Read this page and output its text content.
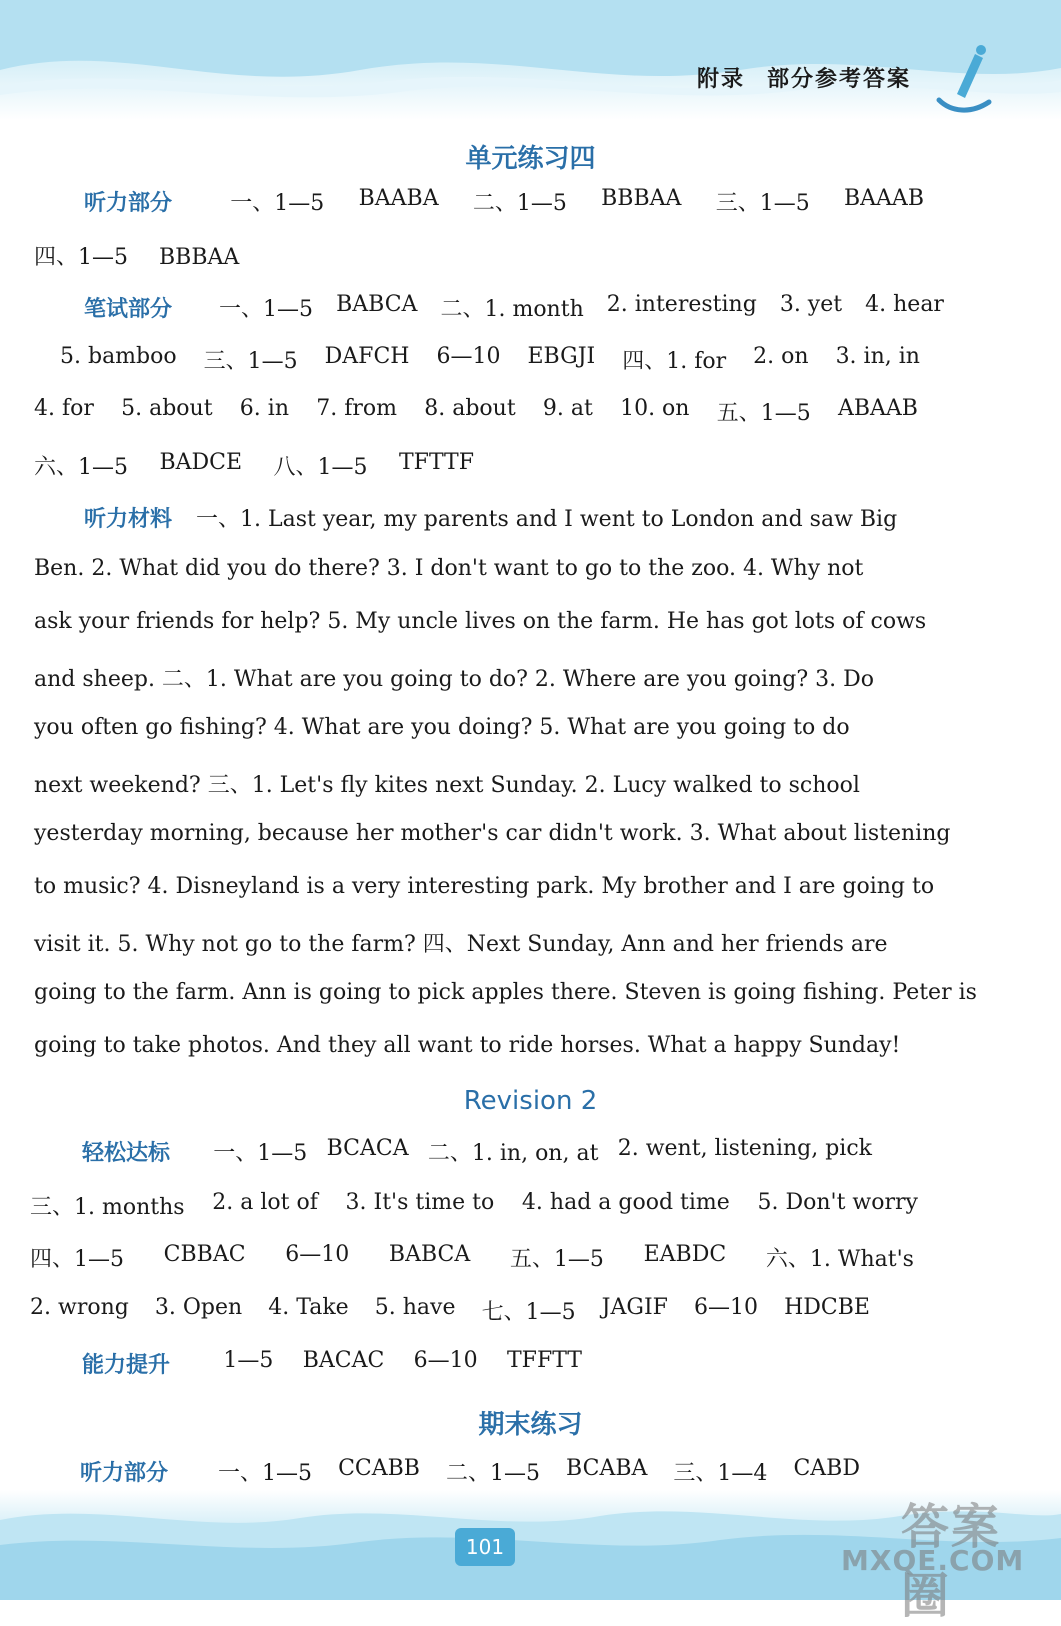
附录 部分参考答案
单元练习四
听力部分	一、1—5 BAABA 二、1—5 BBBAA 三、1—5 BAAAB
四、1—5 BBBAA
笔试部分 一、1—5 BABCA 二、1. month 2. interesting 3. yet 4. hear
5. bamboo 三、1—5 DAFCH 6—10 EBGJI 四、1. for 2. on 3. in, in
4. for 5. about 6. in 7. from 8. about 9. at 10. on 五、1—5 ABAAB
六、1—5 BADCE 八、1—5 TFTTF
听力材料 一、1. Last year, my parents and I went to London and saw Big
Ben. 2. What did you do there? 3. I don't want to go to the zoo. 4. Why not
ask your friends for help? 5. My uncle lives on the farm. He has got lots of cows
and sheep. 二、1. What are you going to do? 2. Where are you going? 3. Do
you often go fishing? 4. What are you doing? 5. What are you going to do
next weekend? 三、1. Let's fly kites next Sunday. 2. Lucy walked to school
yesterday morning, because her mother's car didn't work. 3. What about listening
to music? 4. Disneyland is a very interesting park. My brother and I are going to
visit it. 5. Why not go to the farm? 四、Next Sunday, Ann and her friends are
going to the farm. Ann is going to pick apples there. Steven is going fishing. Peter is
going to take photos. And they all want to ride horses. What a happy Sunday!
Revision 2
轻松达标 一、1—5 BCACA 二、1. in, on, at 2. went, listening, pick
三、1. months 2. a lot of 3. It's time to 4. had a good time 5. Don't worry
四、1—5 CBBAC 6—10 BABCA 五、1—5 EABDC 六、1. What's
2. wrong 3. Open 4. Take 5. have 七、1—5 JAGIF 6—10 HDCBE
能力提升 1—5 BACAC 6—10 TFFTT
期末练习
听力部分 一、1—5 CCABB 二、1—5 BCABA 三、1—4 CABD
101	答案圈
MXQE.COM
